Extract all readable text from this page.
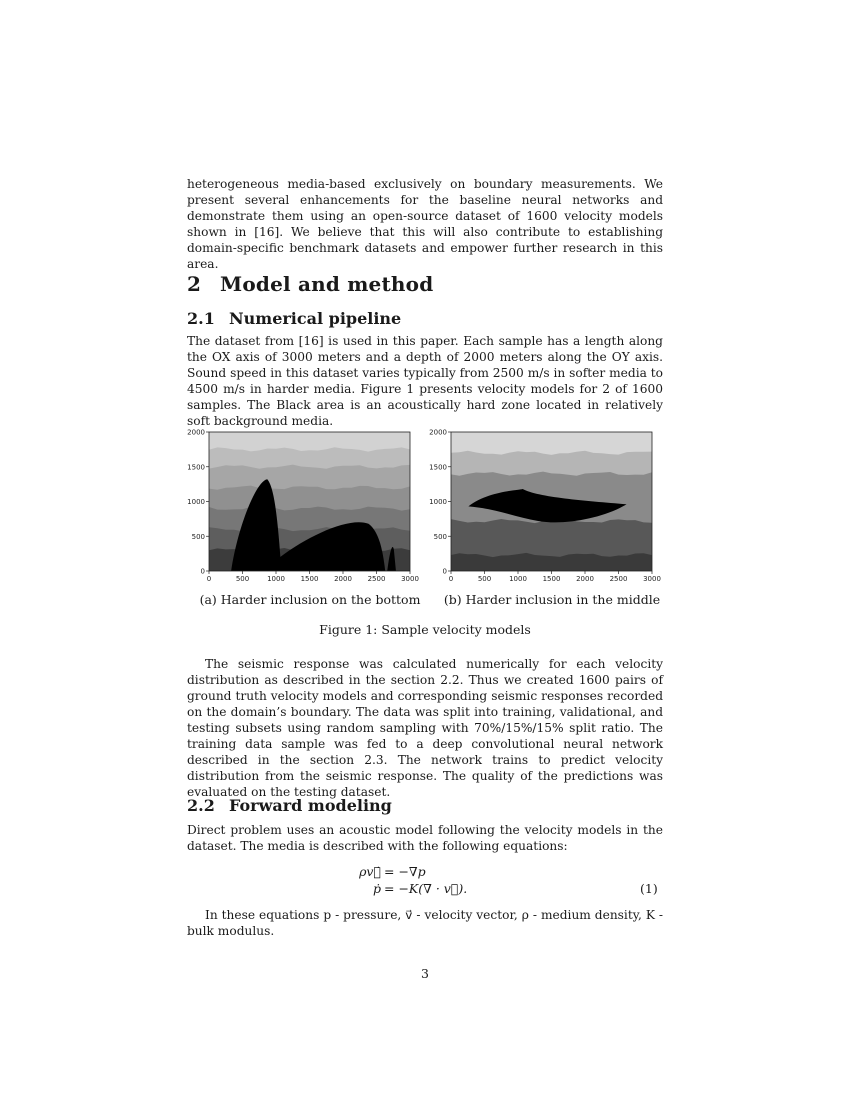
heterogeneous media-based exclusively on boundary measurements. We present several enhancements for the baseline neural networks and demonstrate them using an open-source dataset of 1600 velocity models shown in [16]. We believe that this will also contribute to establishing domain-specific benchmark datasets and empower further research in this area.

2 Model and method
2.1 Numerical pipeline

The dataset from [16] is used in this paper. Each sample has a length along the OX axis of 3000 meters and a depth of 2000 meters along the OY axis. Sound speed in this dataset varies typically from 2500 m/s in softer media to 4500 m/s in harder media. Figure 1 presents velocity models for 2 of 1600 samples. The Black area is an acoustically hard zone located in relatively soft background media.

0	500	1000 1500 2000 2500 3000
0
500
1000
1500
2000
0	500	1000 1500 2000 2500 3000
0
500
1000
1500
2000
(a) Harder inclusion on the bottom	(b) Harder inclusion in the middle
Figure 1: Sample velocity models

The seismic response was calculated numerically for each velocity distribution as described in the section 2.2. Thus we created 1600 pairs of ground truth velocity models and corresponding seismic responses recorded on the domain’s boundary. The data was split into training, validational, and testing subsets using random sampling with 70%/15%/15% split ratio. The training data sample was fed to a deep convolutional neural network described in the section 2.3. The network trains to predict velocity distribution from the seismic response. The quality of the predictions was evaluated on the testing dataset.

2.2 Forward modeling

Direct problem uses an acoustic model following the velocity models in the dataset. The media is described with the following equations:

ρv⃗̇ = −∇p
ṗ = −K(∇ · v⃗).	(1)

In these equations p - pressure, v⃗ - velocity vector, ρ - medium density, K - bulk modulus.

3
